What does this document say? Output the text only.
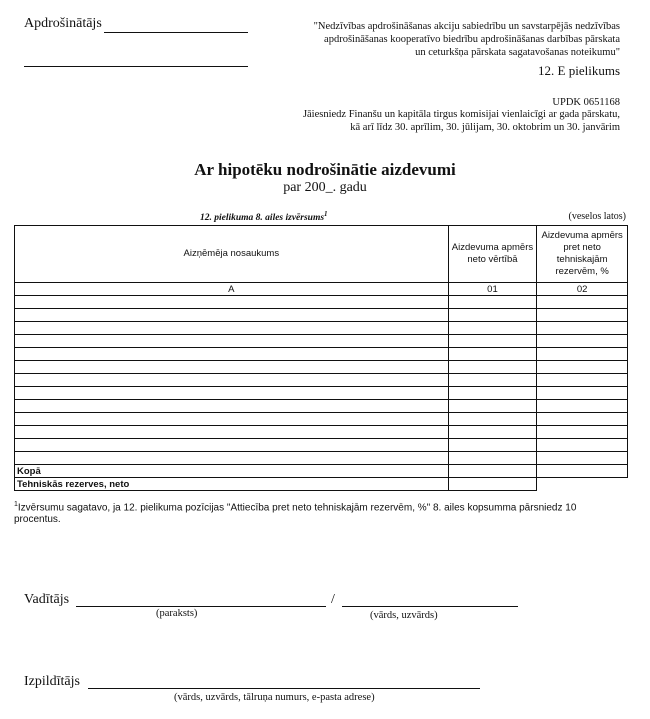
Apdrošinātājs	"Nedzīvības apdrošināšanas akciju sabiedrību un savstarpējās nedzīvības
apdrošināšanas kooperatīvo biedrību apdrošināšanas darbības pārskata
un ceturkšņa pārskata sagatavošanas noteikumu"
12. E pielikums
UPDK 0651168
Jāiesniedz Finanšu un kapitāla tirgus komisijai vienlaicīgi ar gada pārskatu,
kā arī līdz 30. aprīlim, 30. jūlijam, 30. oktobrim un 30. janvārim
Ar hipotēku nodrošinātie aizdevumi
par 200_. gadu
12. pielikuma 8. ailes izvērsums$^1$	(veselos latos)
Aizņēmēja nosaukums	Aizdevuma apmērs neto vērtībā	Aizdevuma apmērs pret neto tehniskajām rezervēm, %
A	01	02

Kopā		
Tehniskās rezerves, neto		
$^1$Izvērsumu sagatavo, ja 12. pielikuma pozīcijas "Attiecība pret neto tehniskajām rezervēm, %" 8. ailes kopsumma pārsniedz 10 procentus.
Vadītājs	/
(paraksts)	(vārds, uzvārds)
Izpildītājs
(vārds, uzvārds, tālruņa numurs, e-pasta adrese)
